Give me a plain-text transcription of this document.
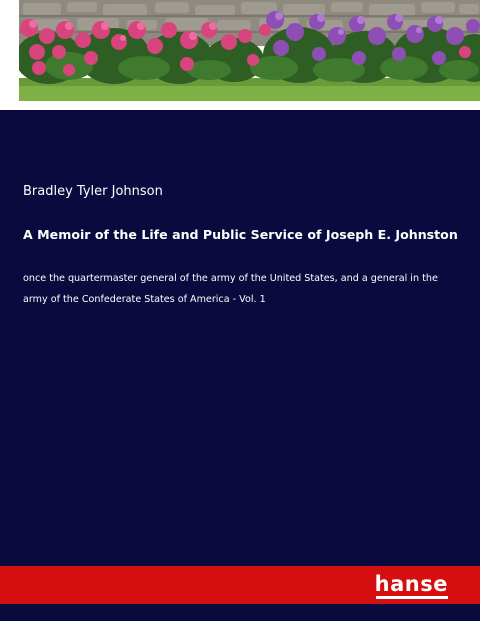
Bradley Tyler Johnson
A Memoir of the Life and Public Service of Joseph E. Johnston
once the quartermaster general of the army of the United States, and a general in the army of the Confederate States of America - Vol. 1
hanse
